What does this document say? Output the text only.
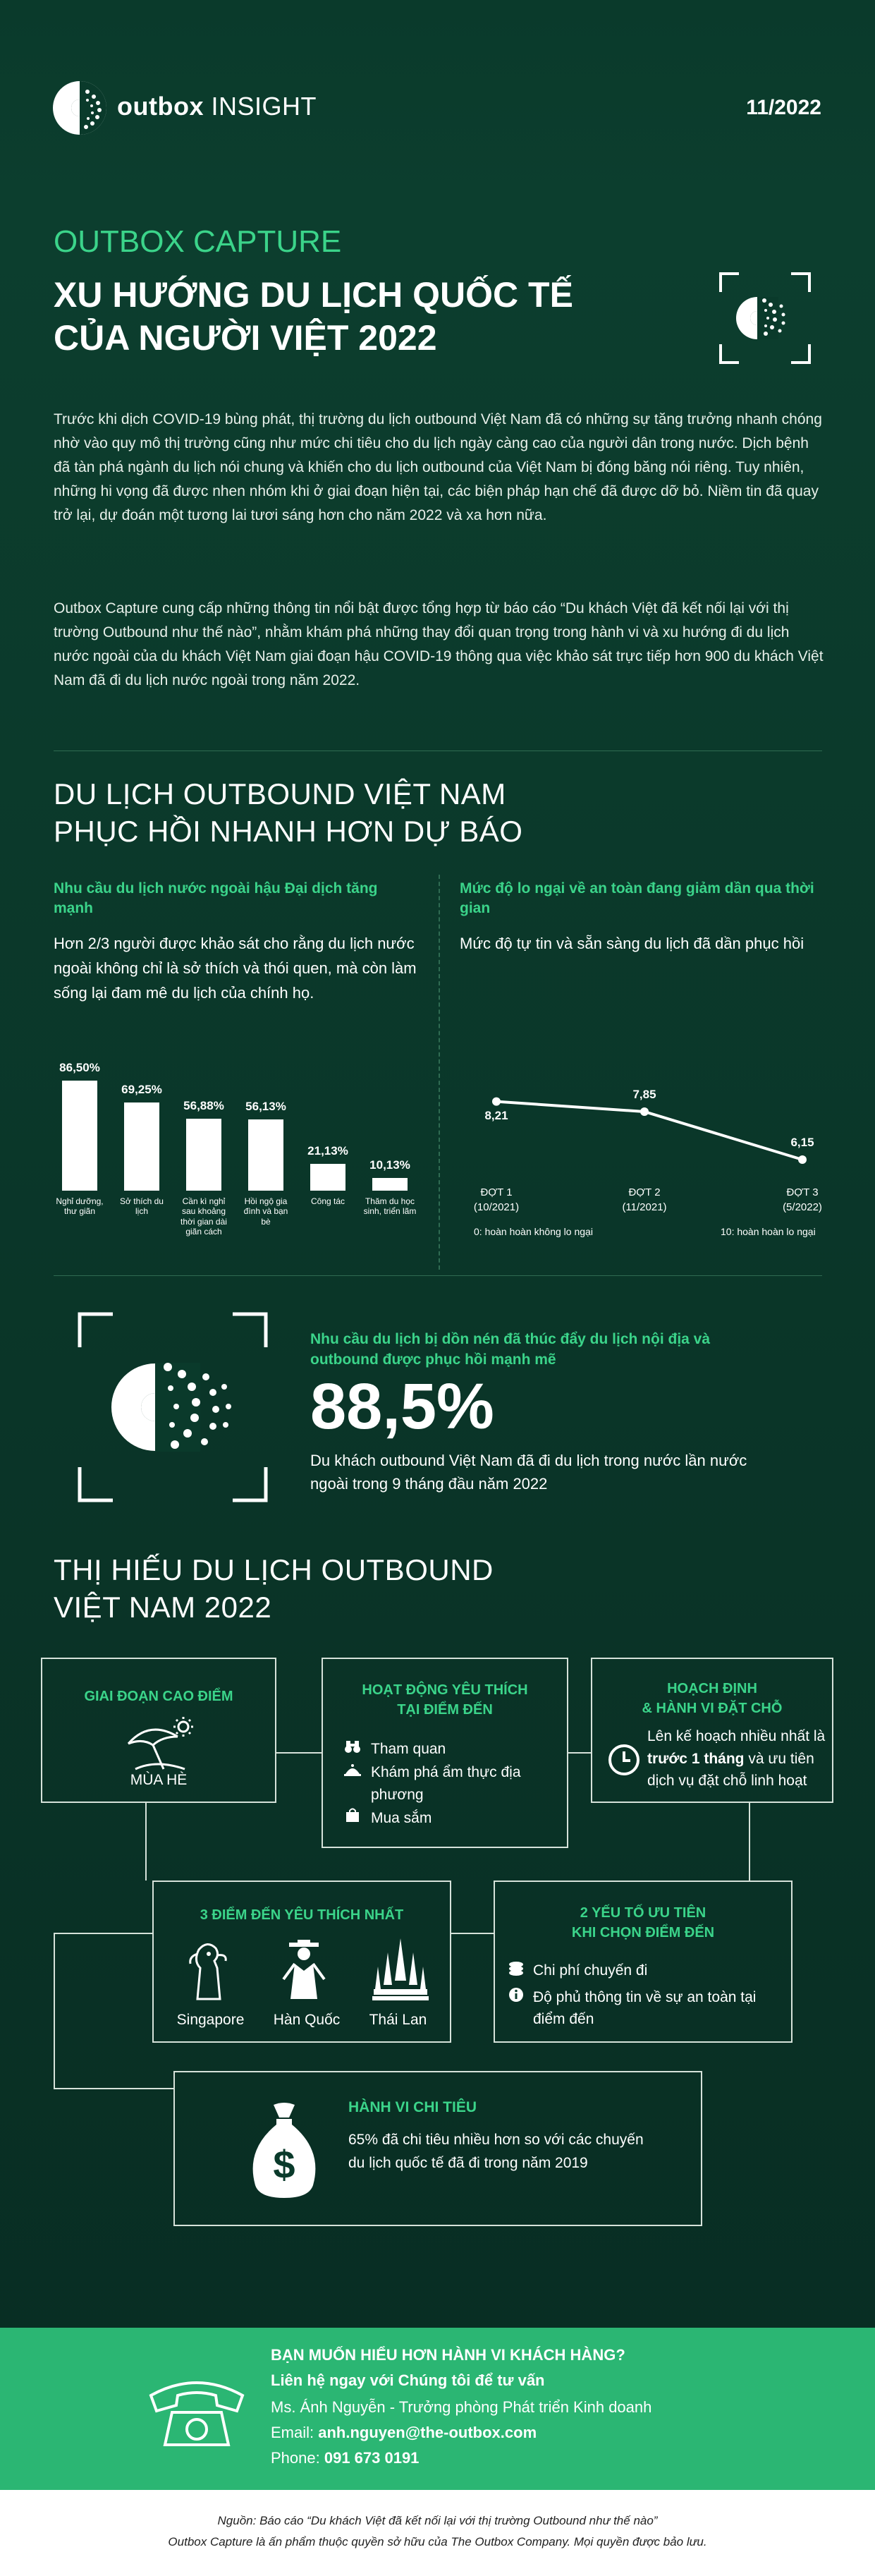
outbox INSIGHT	11/2022
OUTBOX CAPTURE
XU HƯỚNG DU LỊCH QUỐC TẾ
CỦA NGƯỜI VIỆT 2022

Trước khi dịch COVID-19 bùng phát, thị trường du lịch outbound Việt Nam đã có những sự tăng trưởng nhanh chóng nhờ vào quy mô thị trường cũng như mức chi tiêu cho du lịch ngày càng cao của người dân trong nước. Dịch bệnh đã tàn phá ngành du lịch nói chung và khiến cho du lịch outbound của Việt Nam bị đóng băng nói riêng. Tuy nhiên, những hi vọng đã được nhen nhóm khi ở giai đoạn hiện tại, các biện pháp hạn chế đã được dỡ bỏ. Niềm tin đã quay trở lại, dự đoán một tương lai tươi sáng hơn cho năm 2022 và xa hơn nữa.

Outbox Capture cung cấp những thông tin nổi bật được tổng hợp từ báo cáo “Du khách Việt đã kết nối lại với thị trường Outbound như thế nào”, nhằm khám phá những thay đổi quan trọng trong hành vi và xu hướng đi du lịch nước ngoài của du khách Việt Nam giai đoạn hậu COVID-19 thông qua việc khảo sát trực tiếp hơn 900 du khách Việt Nam đã đi du lịch nước ngoài trong năm 2022.

DU LỊCH OUTBOUND VIỆT NAM
PHỤC HỒI NHANH HƠN DỰ BÁO
Nhu cầu du lịch nước ngoài hậu Đại dịch tăng mạnh

Hơn 2/3 người được khảo sát cho rằng du lịch nước ngoài không chỉ là sở thích và thói quen, mà còn làm sống lại đam mê du lịch của chính họ.

86,50%
Nghỉ dưỡng, thư giãn
69,25%
Sở thích du lịch
56,88%
Cần kì nghỉ sau khoảng thời gian dài giãn cách
56,13%
Hồi ngộ gia đình và bạn bè
21,13%
Công tác
10,13%
Thăm du học sinh, triển lãm
Mức độ lo ngại về an toàn đang giảm dần qua thời gian

Mức độ tự tin và sẵn sàng du lịch đã dần phục hồi

8,21
ĐỢT 1
(10/2021)
7,85
ĐỢT 2
(11/2021)
6,15
ĐỢT 3
(5/2022)
0: hoàn hoàn không lo ngại	10: hoàn hoàn lo ngại
Nhu cầu du lịch bị dồn nén đã thúc đẩy du lịch nội địa và outbound được phục hồi mạnh mẽ
88,5%

Du khách outbound Việt Nam đã đi du lịch trong nước lần nước ngoài trong 9 tháng đầu năm 2022

THỊ HIẾU DU LỊCH OUTBOUND
VIỆT NAM 2022
GIAI ĐOẠN CAO ĐIỂM
MÙA HÈ
HOẠT ĐỘNG YÊU THÍCH
TẠI ĐIỂM ĐẾN
Tham quan
Khám phá ẩm thực địa phương
Mua sắm
HOẠCH ĐỊNH
& HÀNH VI ĐẶT CHỖ

Lên kế hoạch nhiều nhất là trước 1 tháng và ưu tiên dịch vụ đặt chỗ linh hoạt

3 ĐIỂM ĐẾN YÊU THÍCH NHẤT
Singapore Hàn Quốc Thái Lan
2 YẾU TỐ ƯU TIÊN
KHI CHỌN ĐIỂM ĐẾN
Chi phí chuyến đi
Độ phủ thông tin về sự an toàn tại điểm đến
$
HÀNH VI CHI TIÊU

65% đã chi tiêu nhiều hơn so với các chuyến du lịch quốc tế đã đi trong năm 2019

BẠN MUỐN HIỂU HƠN HÀNH VI KHÁCH HÀNG?
Liên hệ ngay với Chúng tôi để tư vấn
Ms. Ánh Nguyễn - Trưởng phòng Phát triển Kinh doanh
Email: anh.nguyen@the-outbox.com
Phone: 091 673 0191
Nguồn: Báo cáo “Du khách Việt đã kết nối lại với thị trường Outbound như thế nào”
Outbox Capture là ấn phẩm thuộc quyền sở hữu của The Outbox Company. Mọi quyền được bảo lưu.
